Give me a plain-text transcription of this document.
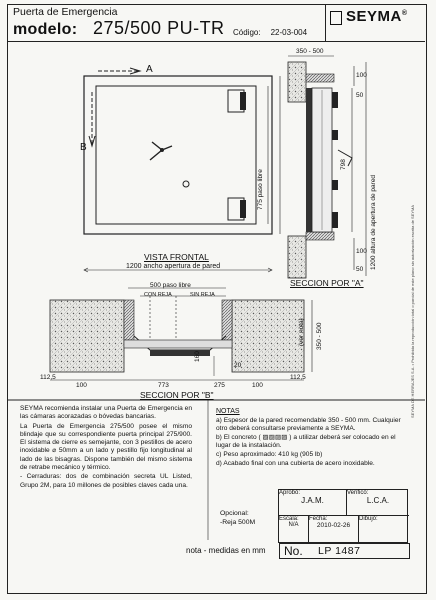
Puerta de Emergencia
modelo: 275/500 PU-TR Código: 22-03-004
SEYMA®
SEYMA DE HERRAJES S.A. • Prohibida la reproducción total o parcial de este plano sin autorización escrita de SEYMA
A
B
775 paso libre	1200 altura de apertura de pared
VISTA FRONTAL
1200 ancho apertura de pared
350 - 500
100
50
798
100
50
SECCION POR "A"
500 paso libre
CON REJA	SIN REJA
350 - 500
(ver nota)
112,5
100	773
160
275	100
112,5
20
SECCION POR "B"

SEYMA recomienda instalar una Puerta de Emergencia en las cámaras acorazadas o bóvedas bancarias.

La Puerta de Emergencia 275/500 posee el mismo blindaje que su correspondiente puerta principal 275/900. El sistema de cierre es semejante, con 3 pestillos de acero inoxidable ⌀ 50mm a un lado y pestillo fijo longitudinal al lado de las bisagras. Dispone también del mismo sistema de retrabe mecánico y térmico.

- Cerraduras: dos de combinación secreta UL Listed, Grupo 2M, para 10 millones de posibles claves cada una.

NOTAS

a) Espesor de la pared recomendable 350 - 500 mm. Cualquier otro deberá consultarse previamente a SEYMA.

b) El concreto ( ▨▨▨▨ ) a utilizar deberá ser colocado en el lugar de la instalación.

c) Peso aproximado: 410 kg (905 lb)

d) Acabado final con una cubierta de acero inoxidable.

Opcional:
-Reja 500M
Aprobó:
J.A.M.
Verificó:
L.C.A.
Escala:
N/A
Fecha:
2010-02-26
Dibujó:
nota - medidas en mm No. LP 1487
